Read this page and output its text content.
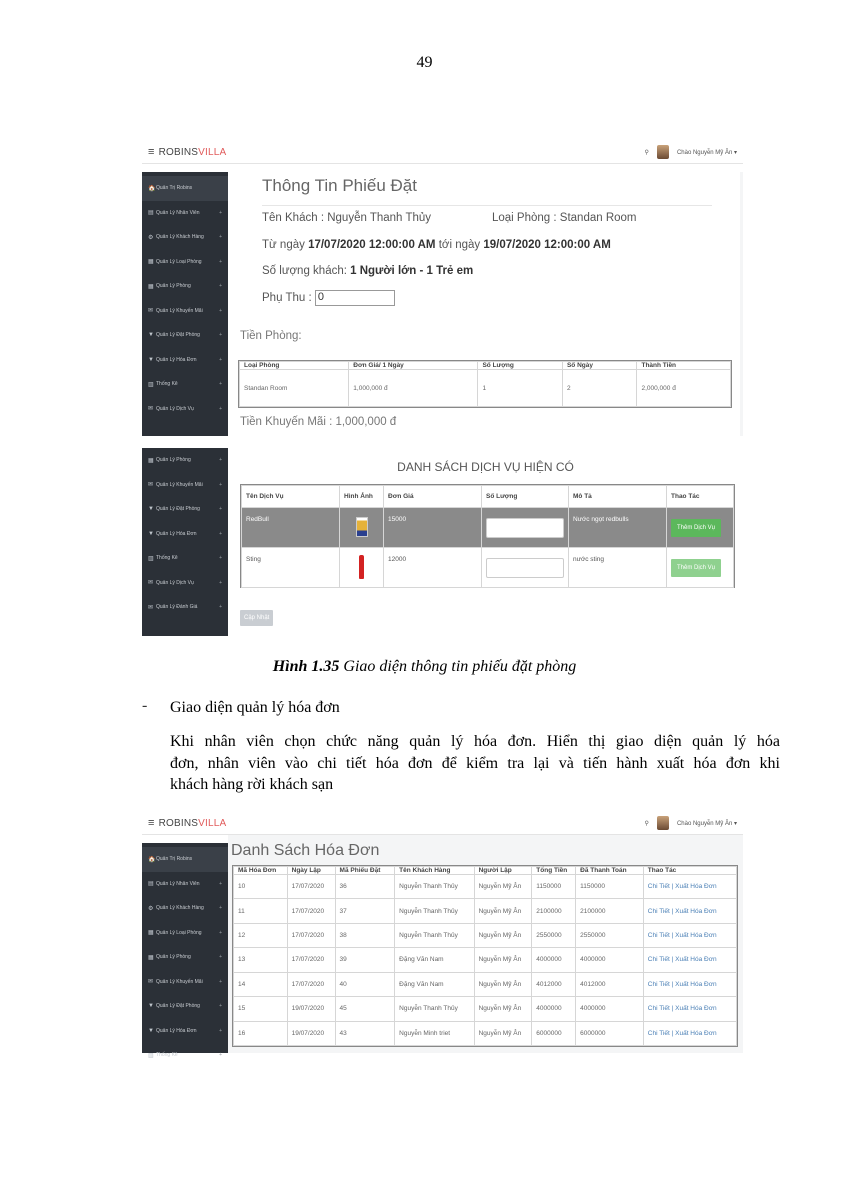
49
≡ ROBINSVILLA	⚲	Chào Nguyễn Mỹ Ân ▾
🏠 Quản Trị Robins
▤ Quản Lý Nhân Viên	+
⚙ Quản Lý Khách Hàng	+
▦ Quản Lý Loại Phòng	+
▦ Quản Lý Phòng	+
✉ Quản Lý Khuyến Mãi	+
▼ Quản Lý Đặt Phòng	+
▼ Quản Lý Hóa Đơn	+
▥ Thống Kê	+
✉ Quản Lý Dịch Vụ	+
Thông Tin Phiếu Đặt
Tên Khách : Nguyễn Thanh Thủy	Loại Phòng : Standan Room
Từ ngày 17/07/2020 12:00:00 AM tới ngày 19/07/2020 12:00:00 AM
Số lượng khách: 1 Người lớn - 1 Trẻ em
Phụ Thu : 0
Tiền Phòng:
Loại Phòng	Đơn Giá/ 1 Ngày	Số Lượng	Số Ngày	Thành Tiền
Standan Room	1,000,000 đ	1	2	2,000,000 đ
Tiền Khuyến Mãi : 1,000,000 đ
▦ Quản Lý Phòng	+
✉ Quản Lý Khuyến Mãi	+
▼ Quản Lý Đặt Phòng	+
▼ Quản Lý Hóa Đơn	+
▥ Thống Kê	+
✉ Quản Lý Dịch Vụ	+
✉ Quản Lý Đánh Giá	+
DANH SÁCH DỊCH VỤ HIỆN CÓ
Tên Dịch Vụ	Hình Ảnh	Đơn Giá	Số Lượng	Mô Tả	Thao Tác
RedBull		15000		Nước ngọt redbulls	Thêm Dịch Vụ
Sting		12000		nước sting	Thêm Dịch Vụ
Cập Nhật
Hình 1.35 Giao diện thông tin phiếu đặt phòng
- Giao diện quản lý hóa đơn
Khi nhân viên chọn chức năng quản lý hóa đơn. Hiển thị giao diện quản lý hóa
đơn, nhân viên vào chi tiết hóa đơn để kiểm tra lại và tiến hành xuất hóa đơn khi
khách hàng rời khách sạn
≡ ROBINSVILLA	⚲	Chào Nguyễn Mỹ Ân ▾
🏠 Quản Trị Robins
▤ Quản Lý Nhân Viên	+
⚙ Quản Lý Khách Hàng	+
▦ Quản Lý Loại Phòng	+
▦ Quản Lý Phòng	+
✉ Quản Lý Khuyến Mãi	+
▼ Quản Lý Đặt Phòng	+
▼ Quản Lý Hóa Đơn	+
▥ Thống Kê	+
Danh Sách Hóa Đơn
Mã Hóa Đơn	Ngày Lập	Mã Phiếu Đặt	Tên Khách Hàng	Người Lập	Tổng Tiền	Đã Thanh Toán	Thao Tác
10	17/07/2020	36	Nguyễn Thanh Thủy	Nguyễn Mỹ Ân	1150000	1150000	Chi Tiết | Xuất Hóa Đơn
11	17/07/2020	37	Nguyễn Thanh Thủy	Nguyễn Mỹ Ân	2100000	2100000	Chi Tiết | Xuất Hóa Đơn
12	17/07/2020	38	Nguyễn Thanh Thủy	Nguyễn Mỹ Ân	2550000	2550000	Chi Tiết | Xuất Hóa Đơn
13	17/07/2020	39	Đặng Văn Nam	Nguyễn Mỹ Ân	4000000	4000000	Chi Tiết | Xuất Hóa Đơn
14	17/07/2020	40	Đặng Văn Nam	Nguyễn Mỹ Ân	4012000	4012000	Chi Tiết | Xuất Hóa Đơn
15	19/07/2020	45	Nguyễn Thanh Thủy	Nguyễn Mỹ Ân	4000000	4000000	Chi Tiết | Xuất Hóa Đơn
16	19/07/2020	43	Nguyễn Minh triet	Nguyễn Mỹ Ân	6000000	6000000	Chi Tiết | Xuất Hóa Đơn
